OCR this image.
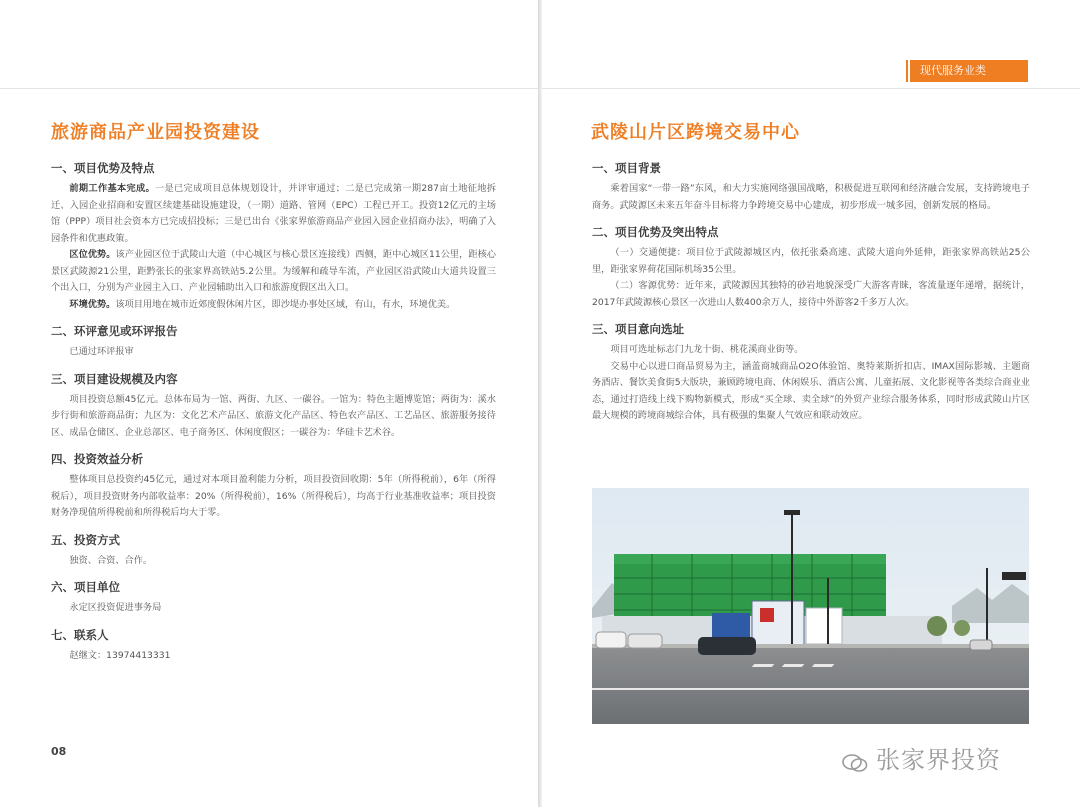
旅游商品产业园投资建设
一、项目优势及特点

前期工作基本完成。一是已完成项目总体规划设计，并评审通过；二是已完成第一期287亩土地征地拆迁、入园企业招商和安置区续建基础设施建设，（一期）道路、管网（EPC）工程已开工。投资12亿元的主场馆（PPP）项目社会资本方已完成招投标；三是已出台《张家界旅游商品产业园入园企业招商办法》，明确了入园条件和优惠政策。

区位优势。该产业园区位于武陵山大道（中心城区与核心景区连接线）西侧，距中心城区11公里，距核心景区武陵源21公里，距黔张长的张家界高铁站5.2公里。为缓解和疏导车流，产业园区沿武陵山大道共设置三个出入口，分别为产业园主入口、产业园辅助出入口和旅游度假区出入口。

环境优势。该项目用地在城市近郊度假休闲片区，即沙堤办事处区域，有山，有水，环境优美。

二、环评意见或环评报告

已通过环评报审

三、项目建设规模及内容

项目投资总额45亿元。总体布局为一馆、两街、九区、一碳谷。一馆为：特色主题博览馆；两街为：溪水步行街和旅游商品街；九区为：文化艺术产品区、旅游文化产品区、特色农产品区、工艺品区、旅游服务接待区、成品仓储区、企业总部区、电子商务区、休闲度假区；一碳谷为：华硅卡艺术谷。

四、投资效益分析

整体项目总投资约45亿元，通过对本项目盈利能力分析，项目投资回收期：5年（所得税前），6年（所得税后），项目投资财务内部收益率：20%（所得税前），16%（所得税后），均高于行业基准收益率；项目投资财务净现值所得税前和所得税后均大于零。

五、投资方式

独资、合资、合作。

六、项目单位

永定区投资促进事务局

七、联系人

赵继文：13974413331

08
现代服务业类
武陵山片区跨境交易中心
一、项目背景

乘着国家“一带一路”东风，和大力实施网络强国战略，积极促进互联网和经济融合发展，支持跨境电子商务。武陵源区未来五年奋斗目标将力争跨境交易中心建成，初步形成一城多园，创新发展的格局。

二、项目优势及突出特点

（一）交通便捷：项目位于武陵源城区内，依托张桑高速、武陵大道向外延伸，距张家界高铁站25公里，距张家界荷花国际机场35公里。

（二）客源优势：近年来，武陵源因其独特的砂岩地貌深受广大游客青睐，客流量逐年递增，据统计，2017年武陵源核心景区一次进山人数400余万人，接待中外游客2千多万人次。

三、项目意向选址

项目可选址标志门九龙十街、桃花溪商业街等。

交易中心以进口商品贸易为主，涵盖商城商品O2O体验馆、奥特莱斯折扣店、IMAX国际影城、主题商务酒店、餐饮美食街5大版块，兼顾跨境电商、休闲娱乐、酒店公寓、儿童拓展、文化影视等各类综合商业业态，通过打造线上线下购物新模式，形成“买全球、卖全球”的外贸产业综合服务体系，同时形成武陵山片区最大规模的跨境商城综合体，具有极强的集聚人气效应和联动效应。

张家界投资
